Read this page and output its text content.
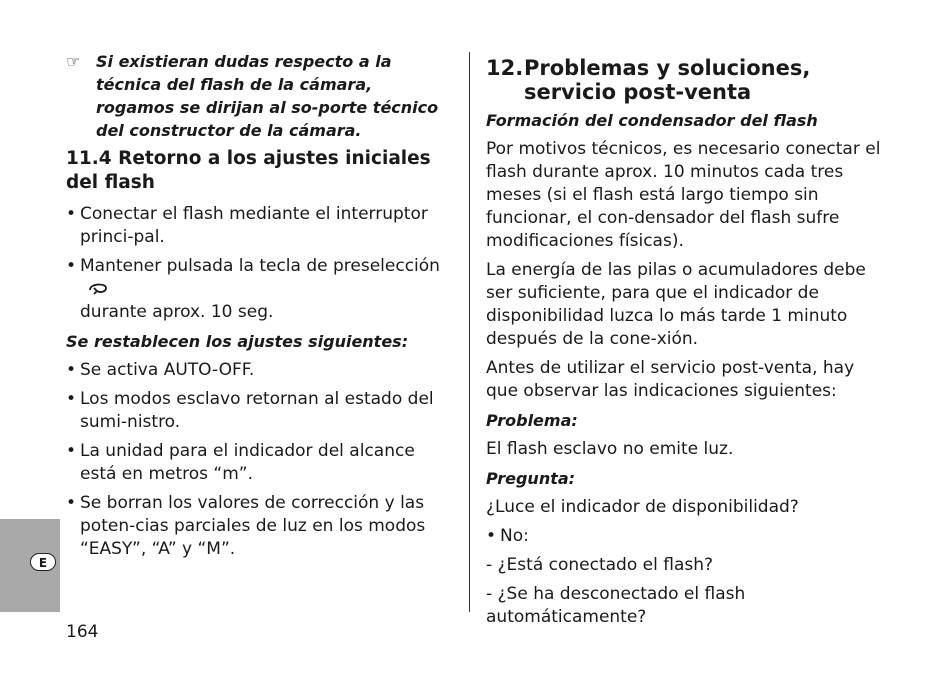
☞ Si existieran dudas respecto a la técnica del flash de la cámara, rogamos se dirijan al so-porte técnico del constructor de la cámara.
11.4 Retorno a los ajustes iniciales del flash
• Conectar el flash mediante el interruptor princi-pal.
• Mantener pulsada la tecla de preselección
durante aprox. 10 seg.
Se restablecen los ajustes siguientes:
• Se activa AUTO-OFF.
• Los modos esclavo retornan al estado del sumi-nistro.
• La unidad para el indicador del alcance está en metros “m”.
• Se borran los valores de corrección y las poten-cias parciales de luz en los modos “EASY”, “A” y “M”.
12. Problemas y soluciones, servicio post-venta
Formación del condensador del flash

Por motivos técnicos, es necesario conectar el flash durante aprox. 10 minutos cada tres meses (si el flash está largo tiempo sin funcionar, el con-densador del flash sufre modificaciones físicas).

La energía de las pilas o acumuladores debe ser suficiente, para que el indicador de disponibilidad luzca lo más tarde 1 minuto después de la cone-xión.

Antes de utilizar el servicio post-venta, hay que observar las indicaciones siguientes:

Problema:

El flash esclavo no emite luz.

Pregunta:

¿Luce el indicador de disponibilidad?

• No:

- ¿Está conectado el flash?

- ¿Se ha desconectado el flash automáticamente?

E
164
